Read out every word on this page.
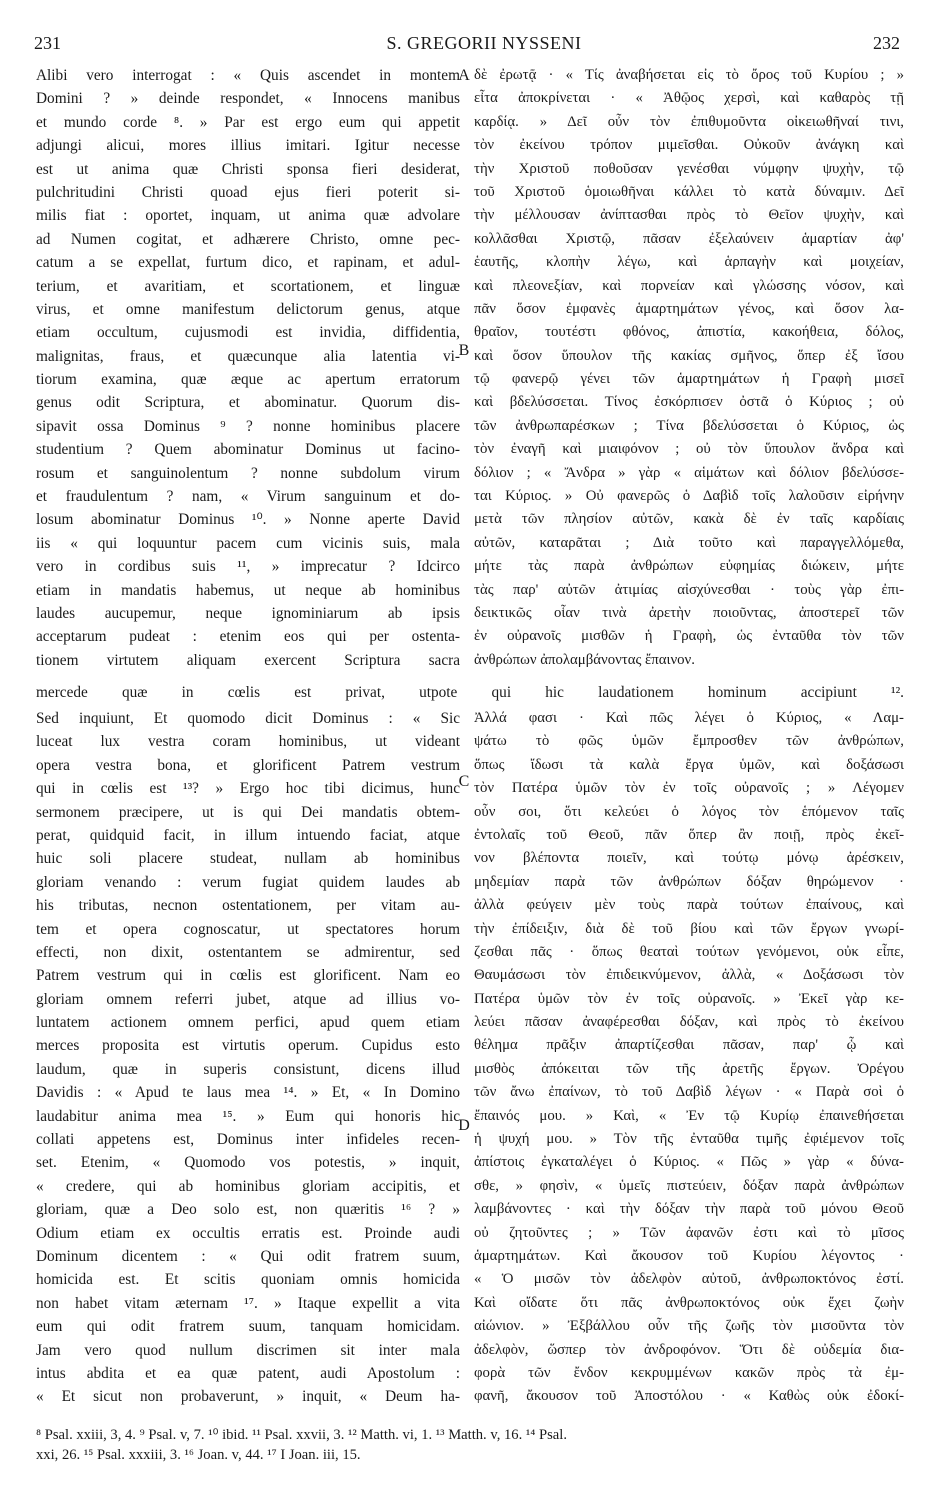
231	S. GREGORII NYSSENI	232
A
B
C
D
Alibi vero interrogat : « Quis ascendet in montem
Domini ? » deinde respondet, « Innocens manibus
et mundo corde ⁸. » Par est ergo eum qui appetit
adjungi alicui, mores illius imitari. Igitur necesse
est ut anima quæ Christi sponsa fieri desiderat,
pulchritudini Christi quoad ejus fieri poterit si-
milis fiat : oportet, inquam, ut anima quæ advolare
ad Numen cogitat, et adhærere Christo, omne pec-
catum a se expellat, furtum dico, et rapinam, et adul-
terium, et avaritiam, et scortationem, et linguæ
virus, et omne manifestum delictorum genus, atque
etiam occultum, cujusmodi est invidia, diffidentia,
malignitas, fraus, et quæcunque alia latentia vi-
tiorum examina, quæ æque ac apertum erratorum
genus odit Scriptura, et abominatur. Quorum dis-
sipavit ossa Dominus ⁹ ? nonne hominibus placere
studentium ? Quem abominatur Dominus ut facino-
rosum et sanguinolentum ? nonne subdolum virum
et fraudulentum ? nam, « Virum sanguinum et do-
losum abominatur Dominus ¹⁰. » Nonne aperte David
iis « qui loquuntur pacem cum vicinis suis, mala
vero in cordibus suis ¹¹, » imprecatur ? Idcirco
etiam in mandatis habemus, ut neque ab hominibus
laudes aucupemur, neque ignominiarum ab ipsis
acceptarum pudeat : etenim eos qui per ostenta-
tionem virtutem aliquam exercent Scriptura sacra
δὲ ἐρωτᾷ · « Τίς ἀναβήσεται εἰς τὸ ὄρος τοῦ Κυρίου ; »
εἶτα ἀποκρίνεται · « Ἀθῷος χερσὶ, καὶ καθαρὸς τῇ
καρδίᾳ. » Δεῖ οὖν τὸν ἐπιθυμοῦντα οἰκειωθῆναί τινι,
τὸν ἐκείνου τρόπον μιμεῖσθαι. Οὐκοῦν ἀνάγκη καὶ
τὴν Χριστοῦ ποθοῦσαν γενέσθαι νύμφην ψυχὴν, τῷ
τοῦ Χριστοῦ ὁμοιωθῆναι κάλλει τὸ κατὰ δύναμιν. Δεῖ
τὴν μέλλουσαν ἀνίπτασθαι πρὸς τὸ Θεῖον ψυχὴν, καὶ
κολλᾶσθαι Χριστῷ, πᾶσαν ἐξελαύνειν ἁμαρτίαν ἀφ'
ἑαυτῆς, κλοπὴν λέγω, καὶ ἁρπαγὴν καὶ μοιχείαν,
καὶ πλεονεξίαν, καὶ πορνείαν καὶ γλώσσης νόσον, καὶ
πᾶν ὅσον ἐμφανὲς ἁμαρτημάτων γένος, καὶ ὅσον λα-
θραῖον, τουτέστι φθόνος, ἀπιστία, κακοήθεια, δόλος,
καὶ ὅσον ὕπουλον τῆς κακίας σμῆνος, ὅπερ ἐξ ἴσου
τῷ φανερῷ γένει τῶν ἁμαρτημάτων ἡ Γραφὴ μισεῖ
καὶ βδελύσσεται. Τίνος ἐσκόρπισεν ὀστᾶ ὁ Κύριος ; οὐ
τῶν ἀνθρωπαρέσκων ; Τίνα βδελύσσεται ὁ Κύριος, ὡς
τὸν ἐναγῆ καὶ μιαιφόνον ; οὐ τὸν ὕπουλον ἄνδρα καὶ
δόλιον ; « Ἄνδρα » γὰρ « αἱμάτων καὶ δόλιον βδελύσσε-
ται Κύριος. » Οὐ φανερῶς ὁ Δαβὶδ τοῖς λαλοῦσιν εἰρήνην
μετὰ τῶν πλησίον αὐτῶν, κακὰ δὲ ἐν ταῖς καρδίαις
αὐτῶν, καταρᾶται ; Διὰ τοῦτο καὶ παραγγελλόμεθα,
μήτε τὰς παρὰ ἀνθρώπων εὐφημίας διώκειν, μήτε
τὰς παρ' αὐτῶν ἀτιμίας αἰσχύνεσθαι · τοὺς γὰρ ἐπι-
δεικτικῶς οἷαν τινὰ ἀρετὴν ποιοῦντας, ἀποστερεῖ τῶν
ἐν οὐρανοῖς μισθῶν ἡ Γραφὴ, ὡς ἐνταῦθα τὸν τῶν
ἀνθρώπων ἀπολαμβάνοντας ἔπαινον.
mercede quæ in cœlis est privat, utpote qui hic laudationem hominum accipiunt ¹².
Sed inquiunt, Et quomodo dicit Dominus : « Sic
luceat lux vestra coram hominibus, ut videant
opera vestra bona, et glorificent Patrem vestrum
qui in cœlis est ¹³? » Ergo hoc tibi dicimus, hunc
sermonem præcipere, ut is qui Dei mandatis obtem-
perat, quidquid facit, in illum intuendo faciat, atque
huic soli placere studeat, nullam ab hominibus
gloriam venando : verum fugiat quidem laudes ab
his tributas, necnon ostentationem, per vitam au-
tem et opera cognoscatur, ut spectatores horum
effecti, non dixit, ostentantem se admirentur, sed
Patrem vestrum qui in cœlis est glorificent. Nam eo
gloriam omnem referri jubet, atque ad illius vo-
luntatem actionem omnem perfici, apud quem etiam
merces proposita est virtutis operum. Cupidus esto
laudum, quæ in superis consistunt, dicens illud
Davidis : « Apud te laus mea ¹⁴. » Et, « In Domino
laudabitur anima mea ¹⁵. » Eum qui honoris hic
collati appetens est, Dominus inter infideles recen-
set. Etenim, « Quomodo vos potestis, » inquit,
« credere, qui ab hominibus gloriam accipitis, et
gloriam, quæ a Deo solo est, non quæritis ¹⁶ ? »
Odium etiam ex occultis erratis est. Proinde audi
Dominum dicentem : « Qui odit fratrem suum,
homicida est. Et scitis quoniam omnis homicida
non habet vitam æternam ¹⁷. » Itaque expellit a vita
eum qui odit fratrem suum, tanquam homicidam.
Jam vero quod nullum discrimen sit inter mala
intus abdita et ea quæ patent, audi Apostolum :
« Et sicut non probaverunt, » inquit, « Deum ha-
Ἀλλά φασι · Καὶ πῶς λέγει ὁ Κύριος, « Λαμ-
ψάτω τὸ φῶς ὑμῶν ἔμπροσθεν τῶν ἀνθρώπων,
ὅπως ἴδωσι τὰ καλὰ ἔργα ὑμῶν, καὶ δοξάσωσι
τὸν Πατέρα ὑμῶν τὸν ἐν τοῖς οὐρανοῖς ; » Λέγομεν
οὖν σοι, ὅτι κελεύει ὁ λόγος τὸν ἑπόμενον ταῖς
ἐντολαῖς τοῦ Θεοῦ, πᾶν ὅπερ ἂν ποιῇ, πρὸς ἐκεῖ-
νον βλέποντα ποιεῖν, καὶ τούτῳ μόνῳ ἀρέσκειν,
μηδεμίαν παρὰ τῶν ἀνθρώπων δόξαν θηρώμενον ·
ἀλλὰ φεύγειν μὲν τοὺς παρὰ τούτων ἐπαίνους, καὶ
τὴν ἐπίδειξιν, διὰ δὲ τοῦ βίου καὶ τῶν ἔργων γνωρί-
ζεσθαι πᾶς · ὅπως θεαταὶ τούτων γενόμενοι, οὐκ εἶπε,
Θαυμάσωσι τὸν ἐπιδεικνύμενον, ἀλλὰ, « Δοξάσωσι τὸν
Πατέρα ὑμῶν τὸν ἐν τοῖς οὐρανοῖς. » Ἐκεῖ γὰρ κε-
λεύει πᾶσαν ἀναφέρεσθαι δόξαν, καὶ πρὸς τὸ ἐκείνου
θέλημα πρᾶξιν ἀπαρτίζεσθαι πᾶσαν, παρ' ᾧ καὶ
μισθὸς ἀπόκειται τῶν τῆς ἀρετῆς ἔργων. Ὀρέγου
τῶν ἄνω ἐπαίνων, τὸ τοῦ Δαβὶδ λέγων · « Παρὰ σοὶ ὁ
ἔπαινός μου. » Καὶ, « Ἐν τῷ Κυρίῳ ἐπαινεθήσεται
ἡ ψυχή μου. » Τὸν τῆς ἐνταῦθα τιμῆς ἐφιέμενον τοῖς
ἀπίστοις ἐγκαταλέγει ὁ Κύριος. « Πῶς » γὰρ « δύνα-
σθε, » φησὶν, « ὑμεῖς πιστεύειν, δόξαν παρὰ ἀνθρώπων
λαμβάνοντες · καὶ τὴν δόξαν τὴν παρὰ τοῦ μόνου Θεοῦ
οὐ ζητοῦντες ; » Τῶν ἀφανῶν ἐστι καὶ τὸ μῖσος
ἁμαρτημάτων. Καὶ ἄκουσον τοῦ Κυρίου λέγοντος ·
« Ὁ μισῶν τὸν ἀδελφὸν αὐτοῦ, ἀνθρωποκτόνος ἐστί.
Καὶ οἴδατε ὅτι πᾶς ἀνθρωποκτόνος οὐκ ἔχει ζωὴν
αἰώνιον. » Ἐξβάλλου οὖν τῆς ζωῆς τὸν μισοῦντα τὸν
ἀδελφὸν, ὥσπερ τὸν ἀνδροφόνον. Ὅτι δὲ οὐδεμία δια-
φορὰ τῶν ἔνδον κεκρυμμένων κακῶν πρὸς τὰ ἐμ-
φανῆ, ἄκουσον τοῦ Ἀποστόλου · « Καθὼς οὐκ ἐδοκί-
⁸ Psal. xxiii, 3, 4. ⁹ Psal. v, 7. ¹⁰ ibid. ¹¹ Psal. xxvii, 3. ¹² Matth. vi, 1. ¹³ Matth. v, 16. ¹⁴ Psal.
xxi, 26. ¹⁵ Psal. xxxiii, 3. ¹⁶ Joan. v, 44. ¹⁷ I Joan. iii, 15.
